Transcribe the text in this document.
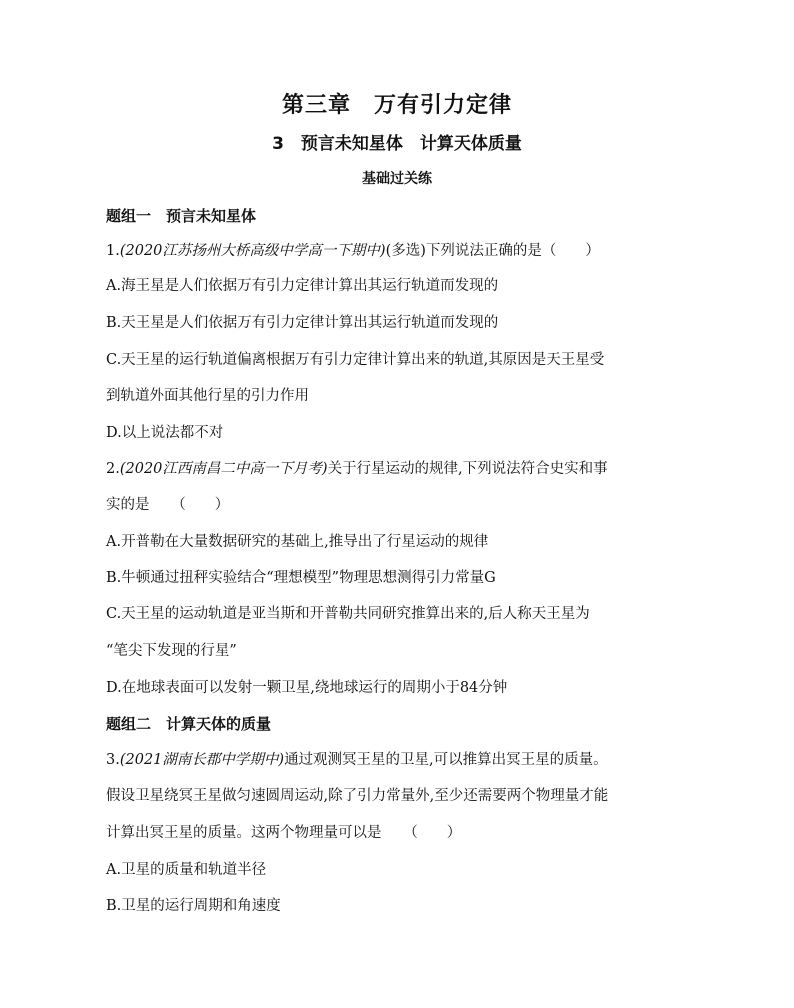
第三章　万有引力定律
3　预言未知星体　计算天体质量
基础过关练
题组一　预言未知星体
1.(2020江苏扬州大桥高级中学高一下期中)(多选)下列说法正确的是（　　）
A.海王星是人们依据万有引力定律计算出其运行轨道而发现的
B.天王星是人们依据万有引力定律计算出其运行轨道而发现的
C.天王星的运行轨道偏离根据万有引力定律计算出来的轨道,其原因是天王星受
到轨道外面其他行星的引力作用
D.以上说法都不对
2.(2020江西南昌二中高一下月考)关于行星运动的规律,下列说法符合史实和事
实的是　　（　　）
A.开普勒在大量数据研究的基础上,推导出了行星运动的规律
B.牛顿通过扭秤实验结合“理想模型”物理思想测得引力常量G
C.天王星的运动轨道是亚当斯和开普勒共同研究推算出来的,后人称天王星为
“笔尖下发现的行星”
D.在地球表面可以发射一颗卫星,绕地球运行的周期小于84分钟
题组二　计算天体的质量
3.(2021湖南长郡中学期中)通过观测冥王星的卫星,可以推算出冥王星的质量。
假设卫星绕冥王星做匀速圆周运动,除了引力常量外,至少还需要两个物理量才能
计算出冥王星的质量。这两个物理量可以是　　（　　）
A.卫星的质量和轨道半径
B.卫星的运行周期和角速度
